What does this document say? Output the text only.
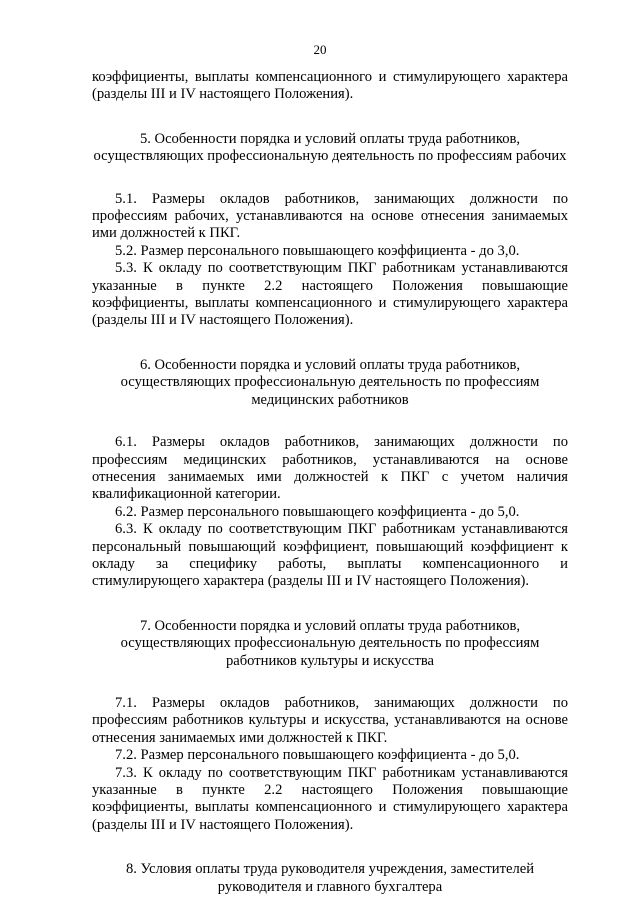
20

коэффициенты, выплаты компенсационного и стимулирующего характера (разделы III и IV настоящего Положения).

5. Особенности порядка и условий оплаты труда работников, осуществляющих профессиональную деятельность по профессиям рабочих

5.1. Размеры окладов работников, занимающих должности по профессиям рабочих, устанавливаются на основе отнесения занимаемых ими должностей к ПКГ.

5.2. Размер персонального повышающего коэффициента - до 3,0.

5.3. К окладу по соответствующим ПКГ работникам устанавливаются указанные в пункте 2.2 настоящего Положения повышающие коэффициенты, выплаты компенсационного и стимулирующего характера (разделы III и IV настоящего Положения).

6. Особенности порядка и условий оплаты труда работников, осуществляющих профессиональную деятельность по профессиям медицинских работников

6.1. Размеры окладов работников, занимающих должности по профессиям медицинских работников, устанавливаются на основе отнесения занимаемых ими должностей к ПКГ с учетом наличия квалификационной категории.

6.2. Размер персонального повышающего коэффициента - до 5,0.

6.3. К окладу по соответствующим ПКГ работникам устанавливаются персональный повышающий коэффициент, повышающий коэффициент к окладу за специфику работы, выплаты компенсационного и стимулирующего характера (разделы III и IV настоящего Положения).

7. Особенности порядка и условий оплаты труда работников, осуществляющих профессиональную деятельность по профессиям работников культуры и искусства

7.1. Размеры окладов работников, занимающих должности по профессиям работников культуры и искусства, устанавливаются на основе отнесения занимаемых ими должностей к ПКГ.

7.2. Размер персонального повышающего коэффициента - до 5,0.

7.3. К окладу по соответствующим ПКГ работникам устанавливаются указанные в пункте 2.2 настоящего Положения повышающие коэффициенты, выплаты компенсационного и стимулирующего характера (разделы III и IV настоящего Положения).

8. Условия оплаты труда руководителя учреждения, заместителей руководителя и главного бухгалтера
